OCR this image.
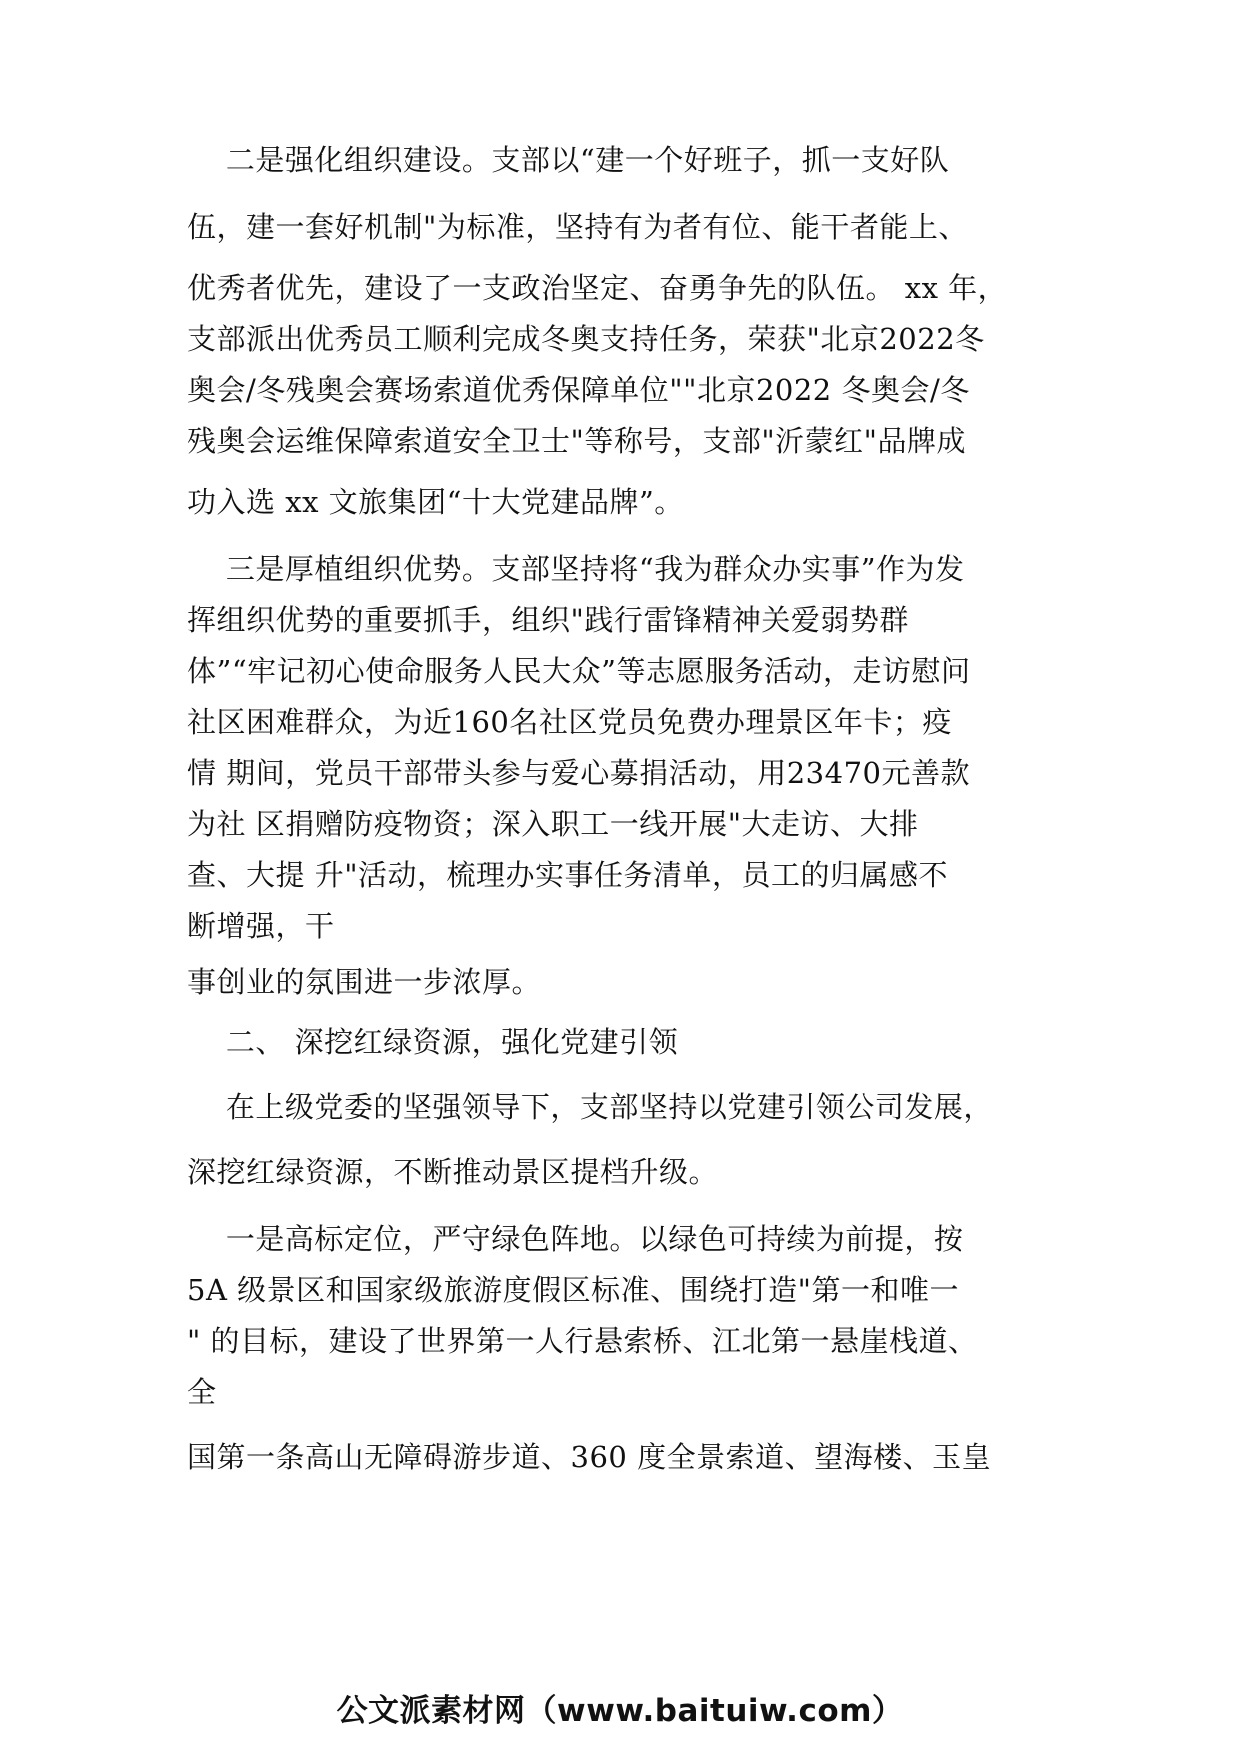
二是强化组织建设。支部以“建一个好班子，抓一支好队

伍，建一套好机制"为标准，坚持有为者有位、能干者能上、

优秀者优先，建设了一支政治坚定、奋勇争先的队伍。 xx 年，

支部派出优秀员工顺利完成冬奥支持任务，荣获"北京2022冬

奥会/冬残奥会赛场索道优秀保障单位""北京2022 冬奥会/冬

残奥会运维保障索道安全卫士"等称号，支部"沂蒙红"品牌成

功入选 xx 文旅集团“十大党建品牌”。

三是厚植组织优势。支部坚持将“我为群众办实事”作为发

挥组织优势的重要抓手，组织"践行雷锋精神关爱弱势群

体”“牢记初心使命服务人民大众”等志愿服务活动，走访慰问

社区困难群众，为近160名社区党员免费办理景区年卡；疫

情 期间，党员干部带头参与爱心募捐活动，用23470元善款

为社 区捐赠防疫物资；深入职工一线开展"大走访、大排

查、大提 升"活动，梳理办实事任务清单，员工的归属感不

断增强，干

事创业的氛围进一步浓厚。

二、 深挖红绿资源，强化党建引领

在上级党委的坚强领导下，支部坚持以党建引领公司发展，

深挖红绿资源，不断推动景区提档升级。

一是高标定位，严守绿色阵地。以绿色可持续为前提，按

5A 级景区和国家级旅游度假区标准、围绕打造"第一和唯一

" 的目标，建设了世界第一人行悬索桥、江北第一悬崖栈道、

全

国第一条高山无障碍游步道、360 度全景索道、望海楼、玉皇

公文派素材网（www.baituiw.com）
